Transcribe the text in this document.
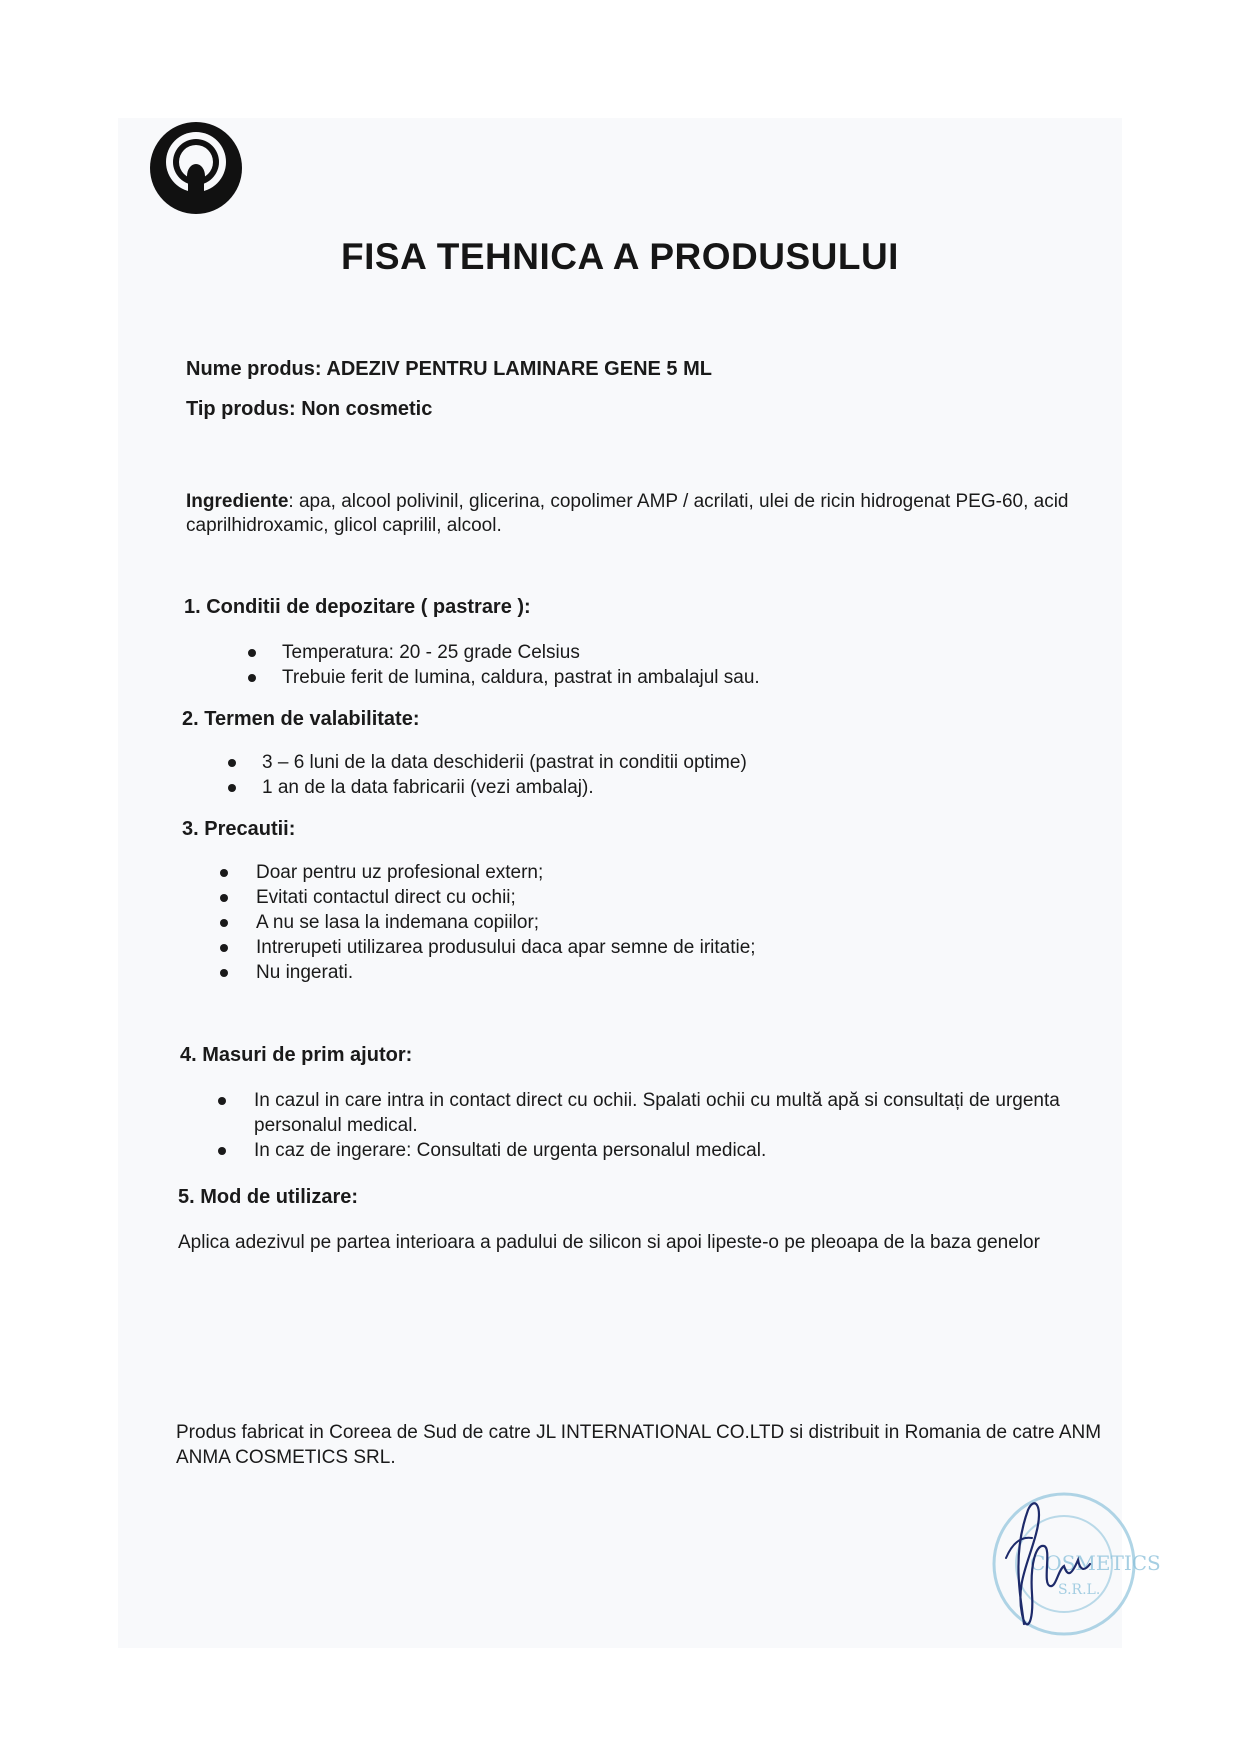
FISA TEHNICA A PRODUSULUI
Nume produs: ADEZIV PENTRU LAMINARE GENE 5 ML
Tip produs: Non cosmetic
Ingrediente: apa, alcool polivinil, glicerina, copolimer AMP / acrilati, ulei de ricin hidrogenat PEG-60, acid caprilhidroxamic, glicol caprilil, alcool.
1. Conditii de depozitare ( pastrare ):
Temperatura: 20 - 25 grade Celsius
Trebuie ferit de lumina, caldura, pastrat in ambalajul sau.
2. Termen de valabilitate:
3 – 6 luni de la data deschiderii (pastrat in conditii optime)
1 an de la data fabricarii (vezi ambalaj).
3. Precautii:
Doar pentru uz profesional extern;
Evitati contactul direct cu ochii;
A nu se lasa la indemana copiilor;
Intrerupeti utilizarea produsului daca apar semne de iritatie;
Nu ingerati.
4. Masuri de prim ajutor:
In cazul in care intra in contact direct cu ochii. Spalati ochii cu multă apă si consultați de urgenta personalul medical.
In caz de ingerare: Consultati de urgenta personalul medical.
5. Mod de utilizare:
Aplica adezivul pe partea interioara a padului de silicon si apoi lipeste-o pe pleoapa de la baza genelor
Produs fabricat in Coreea de Sud de catre JL INTERNATIONAL CO.LTD si distribuit in Romania de catre ANM ANMA COSMETICS SRL.
COSMETICS
S.R.L.
